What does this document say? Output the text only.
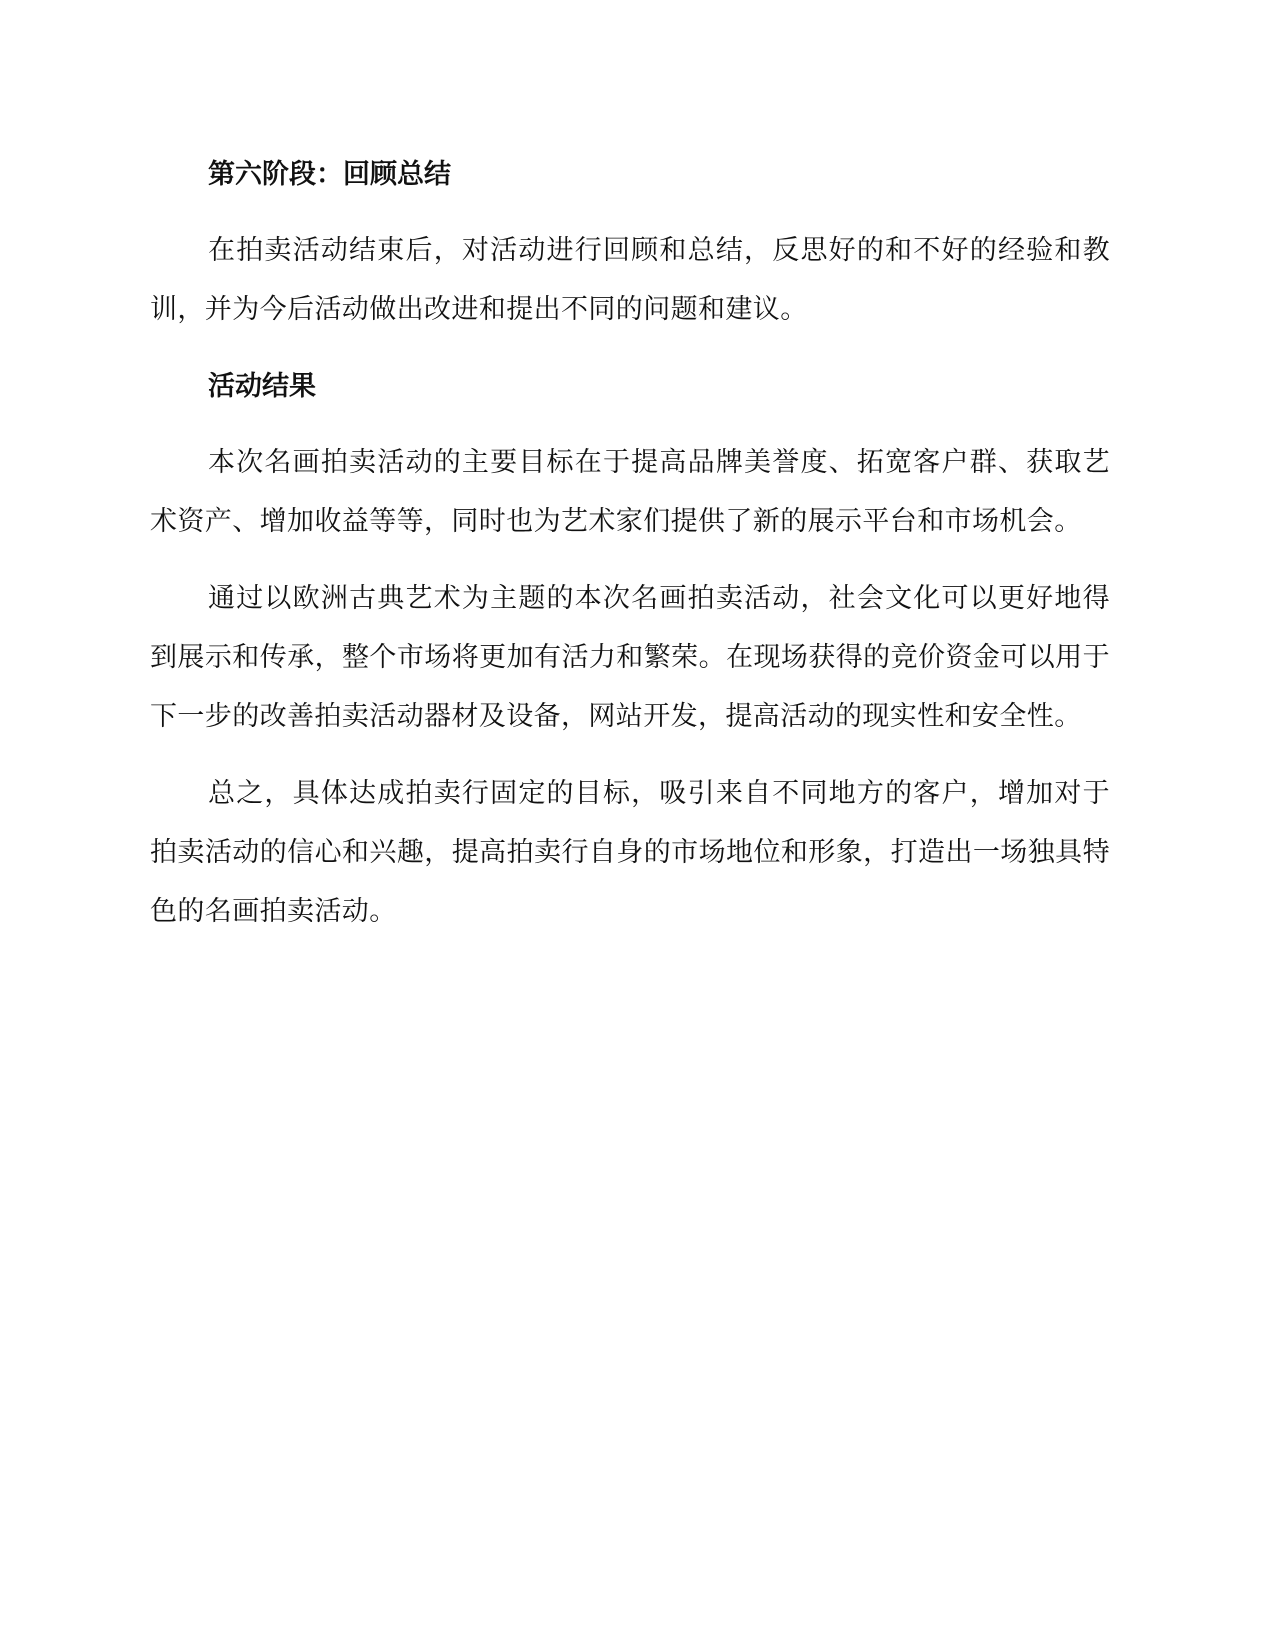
第六阶段：回顾总结

在拍卖活动结束后，对活动进行回顾和总结，反思好的和不好的经验和教训，并为今后活动做出改进和提出不同的问题和建议。

活动结果

本次名画拍卖活动的主要目标在于提高品牌美誉度、拓宽客户群、获取艺术资产、增加收益等等，同时也为艺术家们提供了新的展示平台和市场机会。

通过以欧洲古典艺术为主题的本次名画拍卖活动，社会文化可以更好地得到展示和传承，整个市场将更加有活力和繁荣。在现场获得的竞价资金可以用于下一步的改善拍卖活动器材及设备，网站开发，提高活动的现实性和安全性。

总之，具体达成拍卖行固定的目标，吸引来自不同地方的客户，增加对于拍卖活动的信心和兴趣，提高拍卖行自身的市场地位和形象，打造出一场独具特色的名画拍卖活动。
